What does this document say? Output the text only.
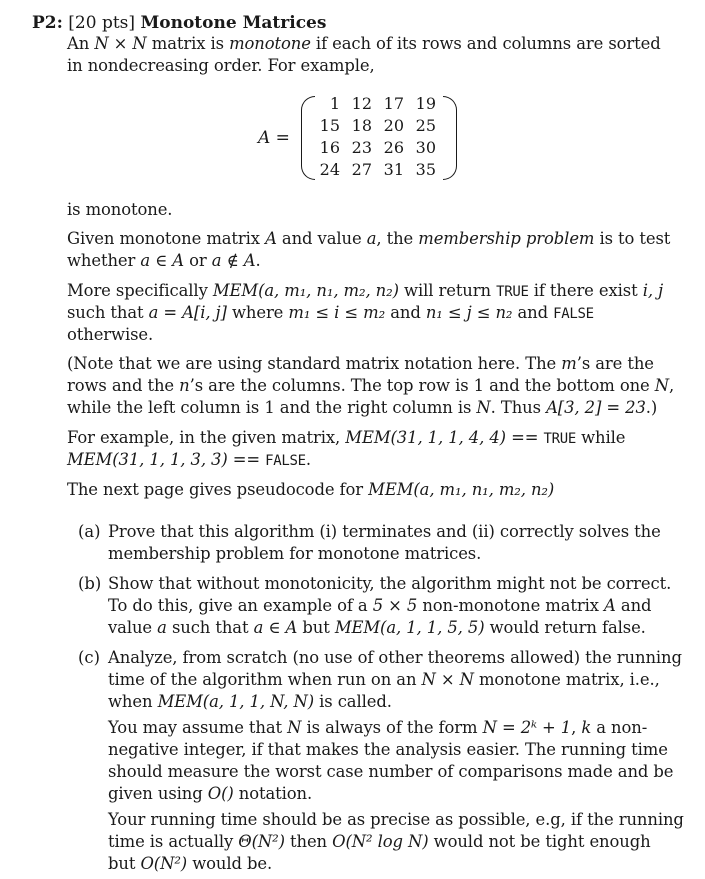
P2: [20 pts] Monotone Matrices
An N × N matrix is monotone if each of its rows and columns are sorted
in nondecreasing order. For example,
A =
1 12 17 19
15 18 20 25
16 23 26 30
24 27 31 35
is monotone.
Given monotone matrix A and value a, the membership problem is to test
whether a ∈ A or a ∉ A.
More specifically MEM(a, m₁, n₁, m₂, n₂) will return TRUE if there exist i, j
such that a = A[i, j] where m₁ ≤ i ≤ m₂ and n₁ ≤ j ≤ n₂ and FALSE
otherwise.
(Note that we are using standard matrix notation here. The m’s are the
rows and the n’s are the columns. The top row is 1 and the bottom one N,
while the left column is 1 and the right column is N. Thus A[3, 2] = 23.)
For example, in the given matrix, MEM(31, 1, 1, 4, 4) == TRUE while
MEM(31, 1, 1, 3, 3) == FALSE.
The next page gives pseudocode for MEM(a, m₁, n₁, m₂, n₂)
(a) Prove that this algorithm (i) terminates and (ii) correctly solves the
membership problem for monotone matrices.
(b) Show that without monotonicity, the algorithm might not be correct.
To do this, give an example of a 5 × 5 non-monotone matrix A and
value a such that a ∈ A but MEM(a, 1, 1, 5, 5) would return false.
(c) Analyze, from scratch (no use of other theorems allowed) the running
time of the algorithm when run on an N × N monotone matrix, i.e.,
when MEM(a, 1, 1, N, N) is called.
You may assume that N is always of the form N = 2ᵏ + 1, k a non-
negative integer, if that makes the analysis easier. The running time
should measure the worst case number of comparisons made and be
given using O() notation.
Your running time should be as precise as possible, e.g, if the running
time is actually Θ(N²) then O(N² log N) would not be tight enough
but O(N²) would be.
